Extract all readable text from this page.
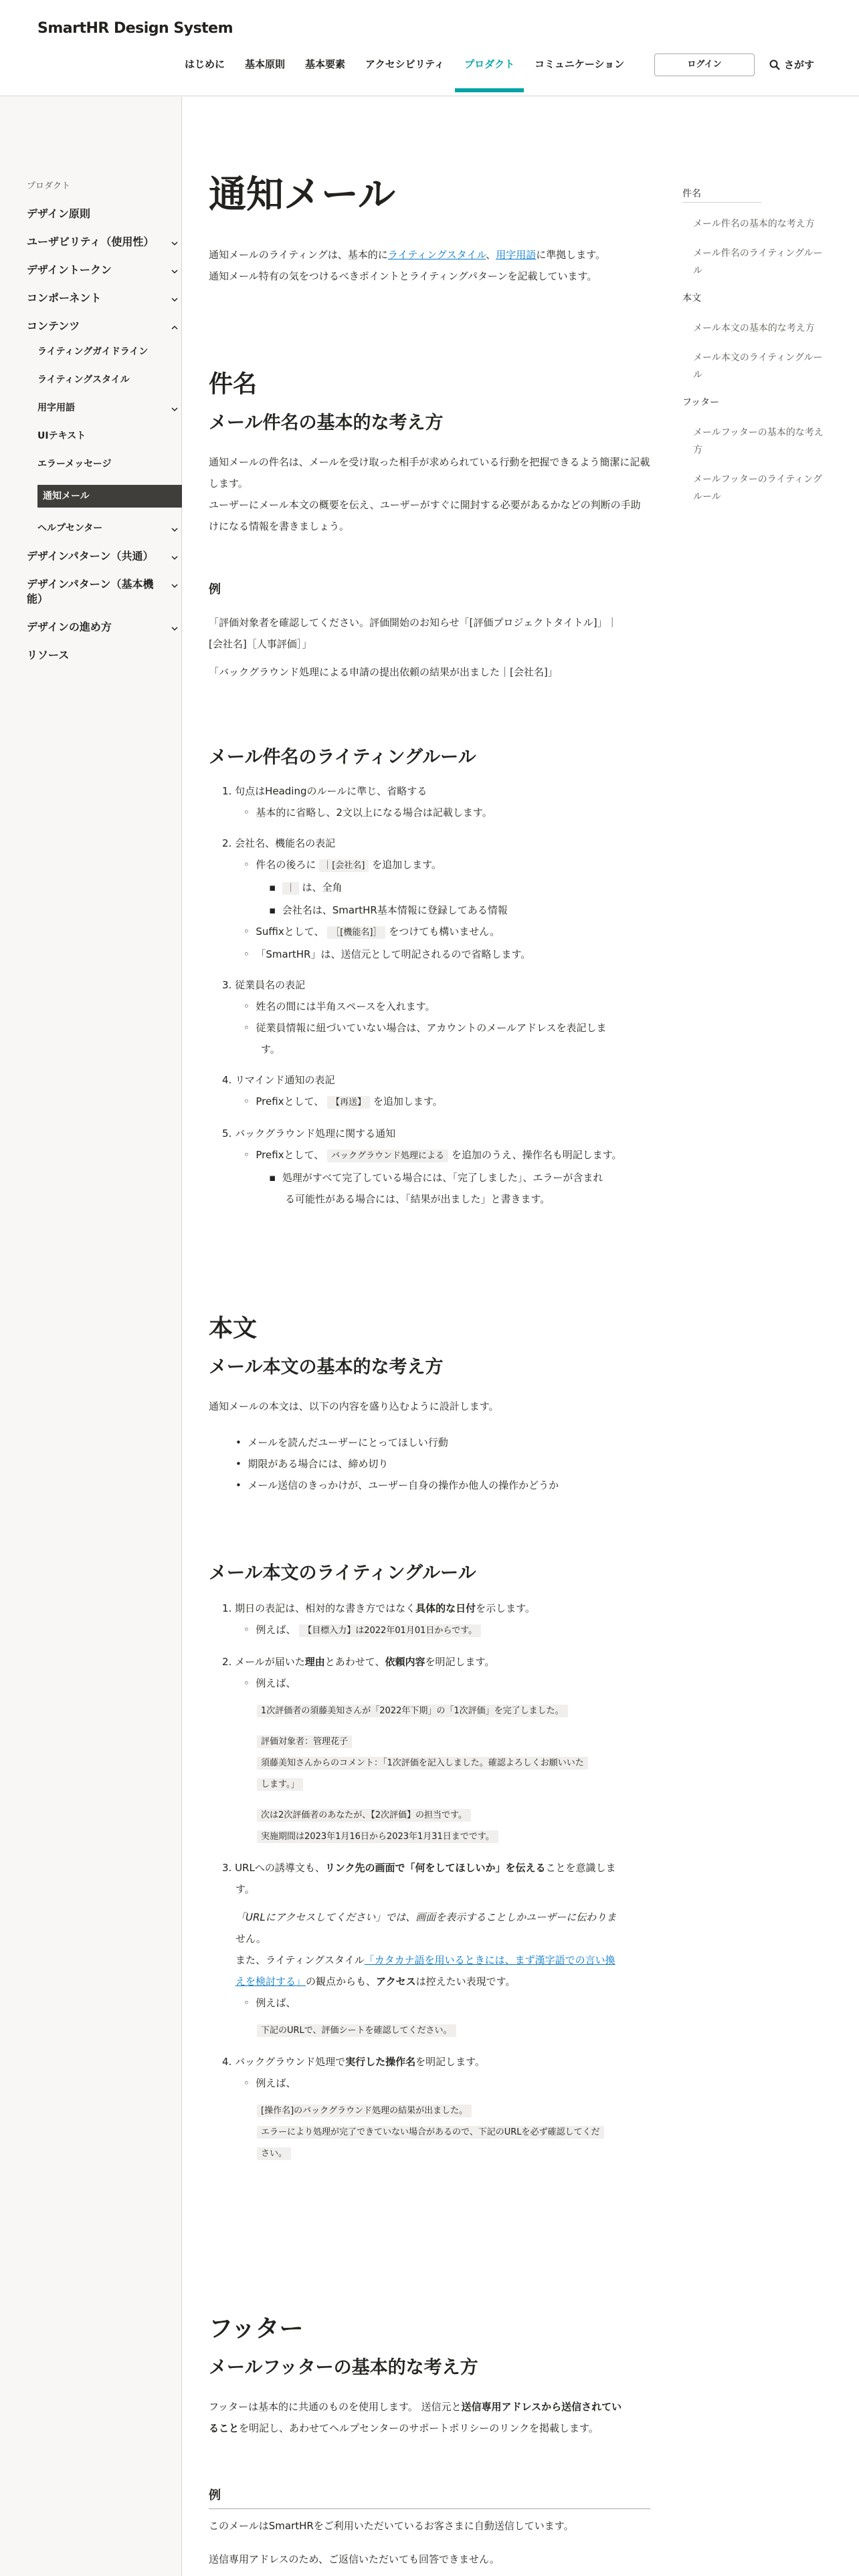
SmartHR Design System
はじめに 基本原則 基本要素 アクセシビリティ プロダクト コミュニケーション	ログイン	さがす
プロダクト
デザイン原則
ユーザビリティ（使用性）
デザイントークン
コンポーネント
コンテンツ
ライティングガイドライン
ライティングスタイル
用字用語
UIテキスト
エラーメッセージ
通知メール
ヘルプセンター
デザインパターン（共通）
デザインパターン（基本機能）
デザインの進め方
リソース
件名
メール件名の基本的な考え方
メール件名のライティングルール
本文
メール本文の基本的な考え方
メール本文のライティングルール
フッター
メールフッターの基本的な考え方
メールフッターのライティングルール
通知メール
通知メールのライティングは、基本的にライティングスタイル、用字用語に準拠します。
通知メール特有の気をつけるべきポイントとライティングパターンを記載しています。
件名
メール件名の基本的な考え方
通知メールの件名は、メールを受け取った相手が求められている行動を把握できるよう簡潔に記載します。
ユーザーにメール本文の概要を伝え、ユーザーがすぐに開封する必要があるかなどの判断の手助けになる情報を書きましょう。
例
「評価対象者を確認してください。評価開始のお知らせ「[評価プロジェクトタイトル]」｜
[会社名]［人事評価］」

「バックグラウンド処理による申請の提出依頼の結果が出ました｜[会社名]」
メール件名のライティングルール
1. 句点はHeadingのルールに準じ、省略する
◦  基本的に省略し、2文以上になる場合は記載します。
2. 会社名、機能名の表記
◦  件名の後ろに ｜[会社名] を追加します。
▪  ｜ は、全角
▪  会社名は、SmartHR基本情報に登録してある情報
◦  Suffixとして、 ［[機能名]］ をつけても構いません。
◦  「SmartHR」は、送信元として明記されるので省略します。
3. 従業員名の表記
◦  姓名の間には半角スペースを入れます。
◦  従業員情報に紐づいていない場合は、アカウントのメールアドレスを表記しま
す。
4. リマインド通知の表記
◦  Prefixとして、 【再送】 を追加します。
5. バックグラウンド処理に関する通知
◦  Prefixとして、 バックグラウンド処理による を追加のうえ、操作名も明記します。
▪  処理がすべて完了している場合には、「完了しました」、エラーが含まれ
る可能性がある場合には、「結果が出ました」と書きます。
本文
メール本文の基本的な考え方
通知メールの本文は、以下の内容を盛り込むように設計します。
•  メールを読んだユーザーにとってほしい行動
•  期限がある場合には、締め切り
•  メール送信のきっかけが、ユーザー自身の操作か他人の操作かどうか
メール本文のライティングルール
1. 期日の表記は、相対的な書き方ではなく具体的な日付を示します。
◦  例えば、 【目標入力】は2022年01月01日からです。
2. メールが届いた理由とあわせて、依頼内容を明記します。
◦  例えば、
1次評価者の須藤美知さんが「2022年下期」の「1次評価」を完了しました。

評価対象者：管理花子
須藤美知さんからのコメント：「1次評価を記入しました。確認よろしくお願いいた
します。」

次は2次評価者のあなたが、【2次評価】の担当です。
実施期間は2023年1月16日から2023年1月31日までです。
3. URLへの誘導文も、リンク先の画面で「何をしてほしいか」を伝えることを意識しま
す。
「URLにアクセスしてください」では、画面を表示することしかユーザーに伝わりま
せん。
また、ライティングスタイル「カタカナ語を用いるときには、まず漢字語での言い換
えを検討する」の観点からも、アクセスは控えたい表現です。
◦  例えば、
下記のURLで、評価シートを確認してください。
4. バックグラウンド処理で実行した操作名を明記します。
◦  例えば、
[操作名]のバックグラウンド処理の結果が出ました。
エラーにより処理が完了できていない場合があるので、下記のURLを必ず確認してくだ
さい。
フッター
メールフッターの基本的な考え方
フッターは基本的に共通のものを使用します。 送信元と送信専用アドレスから送信されてい
ることを明記し、あわせてヘルプセンターのサポートポリシーのリンクを掲載します。
例
このメールはSmartHRをご利用いただいているお客さまに自動送信しています。

送信専用アドレスのため、ご返信いただいても回答できません。
